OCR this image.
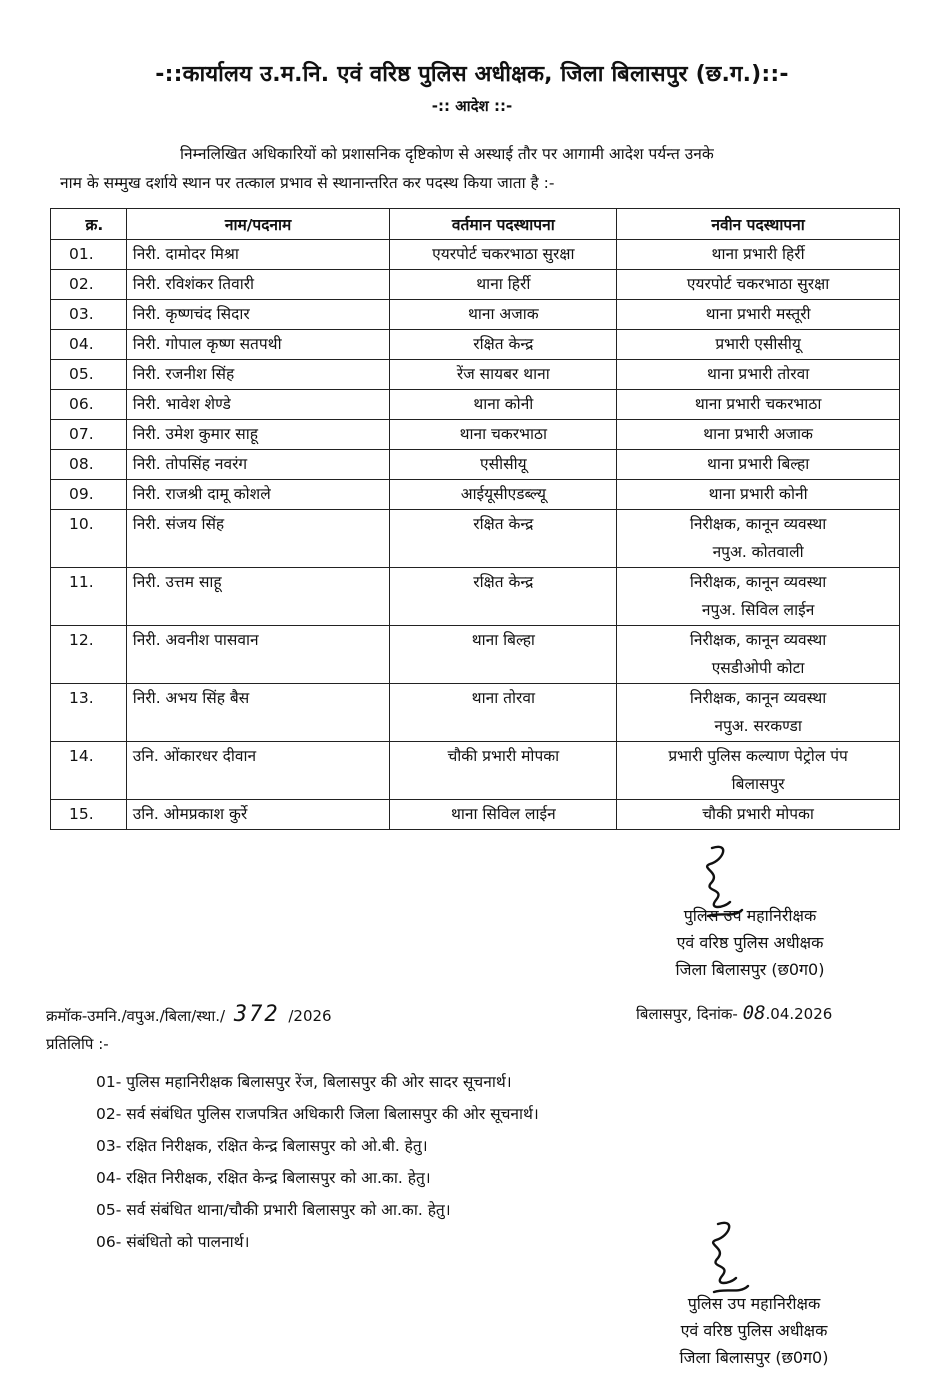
-::कार्यालय उ.म.नि. एवं वरिष्ठ पुलिस अधीक्षक, जिला बिलासपुर (छ.ग.)::-
-:: आदेश ::-
निम्नलिखित अधिकारियों को प्रशासनिक दृष्टिकोण से अस्थाई तौर पर आगामी आदेश पर्यन्त उनके
नाम के सम्मुख दर्शाये स्थान पर तत्काल प्रभाव से स्थानान्तरित कर पदस्थ किया जाता है :-
क्र.	नाम/पदनाम	वर्तमान पदस्थापना	नवीन पदस्थापना

01.	निरी. दामोदर मिश्रा	एयरपोर्ट चकरभाठा सुरक्षा	थाना प्रभारी हिर्री

02.	निरी. रविशंकर तिवारी	थाना हिर्री	एयरपोर्ट चकरभाठा सुरक्षा

03.	निरी. कृष्णचंद सिदार	थाना अजाक	थाना प्रभारी मस्तूरी

04.	निरी. गोपाल कृष्ण सतपथी	रक्षित केन्द्र	प्रभारी एसीसीयू

05.	निरी. रजनीश सिंह	रेंज सायबर थाना	थाना प्रभारी तोरवा

06.	निरी. भावेश शेण्डे	थाना कोनी	थाना प्रभारी चकरभाठा

07.	निरी. उमेश कुमार साहू	थाना चकरभाठा	थाना प्रभारी अजाक

08.	निरी. तोपसिंह नवरंग	एसीसीयू	थाना प्रभारी बिल्हा

09.	निरी. राजश्री दामू कोशले	आईयूसीएडब्ल्यू	थाना प्रभारी कोनी

10.	निरी. संजय सिंह	रक्षित केन्द्र	निरीक्षक, कानून व्यवस्था
नपुअ. कोतवाली

11.	निरी. उत्तम साहू	रक्षित केन्द्र	निरीक्षक, कानून व्यवस्था
नपुअ. सिविल लाईन

12.	निरी. अवनीश पासवान	थाना बिल्हा	निरीक्षक, कानून व्यवस्था
एसडीओपी कोटा

13.	निरी. अभय सिंह बैस	थाना तोरवा	निरीक्षक, कानून व्यवस्था
नपुअ. सरकण्डा

14.	उनि. ओंकारधर दीवान	चौकी प्रभारी मोपका	प्रभारी पुलिस कल्याण पेट्रोल पंप
बिलासपुर

15.	उनि. ओमप्रकाश कुर्रे	थाना सिविल लाईन	चौकी प्रभारी मोपका
पुलिस उप महानिरीक्षक
एवं वरिष्ठ पुलिस अधीक्षक
जिला बिलासपुर (छ0ग0)
क्रमॉक-उमनि./वपुअ./बिला/स्था./ 372 /2026	बिलासपुर, दिनांक- 08.04.2026
प्रतिलिपि :-
01- पुलिस महानिरीक्षक बिलासपुर रेंज, बिलासपुर की ओर सादर सूचनार्थ।
02- सर्व संबंधित पुलिस राजपत्रित अधिकारी जिला बिलासपुर की ओर सूचनार्थ।
03- रक्षित निरीक्षक, रक्षित केन्द्र बिलासपुर को ओ.बी. हेतु।
04- रक्षित निरीक्षक, रक्षित केन्द्र बिलासपुर को आ.का. हेतु।
05- सर्व संबंधित थाना/चौकी प्रभारी बिलासपुर को आ.का. हेतु।
06- संबंधितो को पालनार्थ।
पुलिस उप महानिरीक्षक
एवं वरिष्ठ पुलिस अधीक्षक
जिला बिलासपुर (छ0ग0)
